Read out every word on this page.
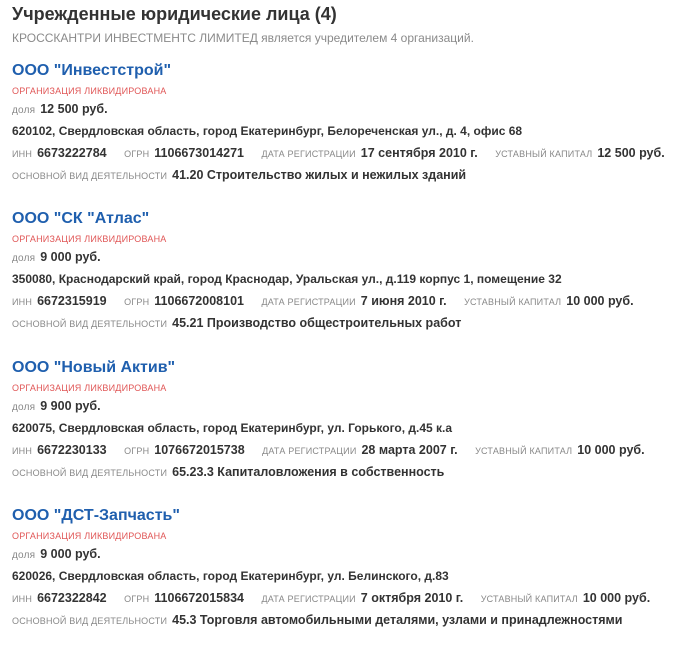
Учрежденные юридические лица (4)
КРОССКАНТРИ ИНВЕСТМЕНТС ЛИМИТЕД является учредителем 4 организаций.
ООО "Инвестстрой"
ОРГАНИЗАЦИЯ ЛИКВИДИРОВАНА
доля 12 500 руб.
620102, Свердловская область, город Екатеринбург, Белореченская ул., д. 4, офис 68
ИНН 6673222784 ОГРН 1106673014271 ДАТА РЕГИСТРАЦИИ 17 сентября 2010 г. УСТАВНЫЙ КАПИТАЛ 12 500 руб.
ОСНОВНОЙ ВИД ДЕЯТЕЛЬНОСТИ 41.20 Строительство жилых и нежилых зданий
ООО "СК "Атлас"
ОРГАНИЗАЦИЯ ЛИКВИДИРОВАНА
доля 9 000 руб.
350080, Краснодарский край, город Краснодар, Уральская ул., д.119 корпус 1, помещение 32
ИНН 6672315919 ОГРН 1106672008101 ДАТА РЕГИСТРАЦИИ 7 июня 2010 г. УСТАВНЫЙ КАПИТАЛ 10 000 руб.
ОСНОВНОЙ ВИД ДЕЯТЕЛЬНОСТИ 45.21 Производство общестроительных работ
ООО "Новый Актив"
ОРГАНИЗАЦИЯ ЛИКВИДИРОВАНА
доля 9 900 руб.
620075, Свердловская область, город Екатеринбург, ул. Горького, д.45 к.а
ИНН 6672230133 ОГРН 1076672015738 ДАТА РЕГИСТРАЦИИ 28 марта 2007 г. УСТАВНЫЙ КАПИТАЛ 10 000 руб.
ОСНОВНОЙ ВИД ДЕЯТЕЛЬНОСТИ 65.23.3 Капиталовложения в собственность
ООО "ДСТ-Запчасть"
ОРГАНИЗАЦИЯ ЛИКВИДИРОВАНА
доля 9 000 руб.
620026, Свердловская область, город Екатеринбург, ул. Белинского, д.83
ИНН 6672322842 ОГРН 1106672015834 ДАТА РЕГИСТРАЦИИ 7 октября 2010 г. УСТАВНЫЙ КАПИТАЛ 10 000 руб.
ОСНОВНОЙ ВИД ДЕЯТЕЛЬНОСТИ 45.3 Торговля автомобильными деталями, узлами и принадлежностями
